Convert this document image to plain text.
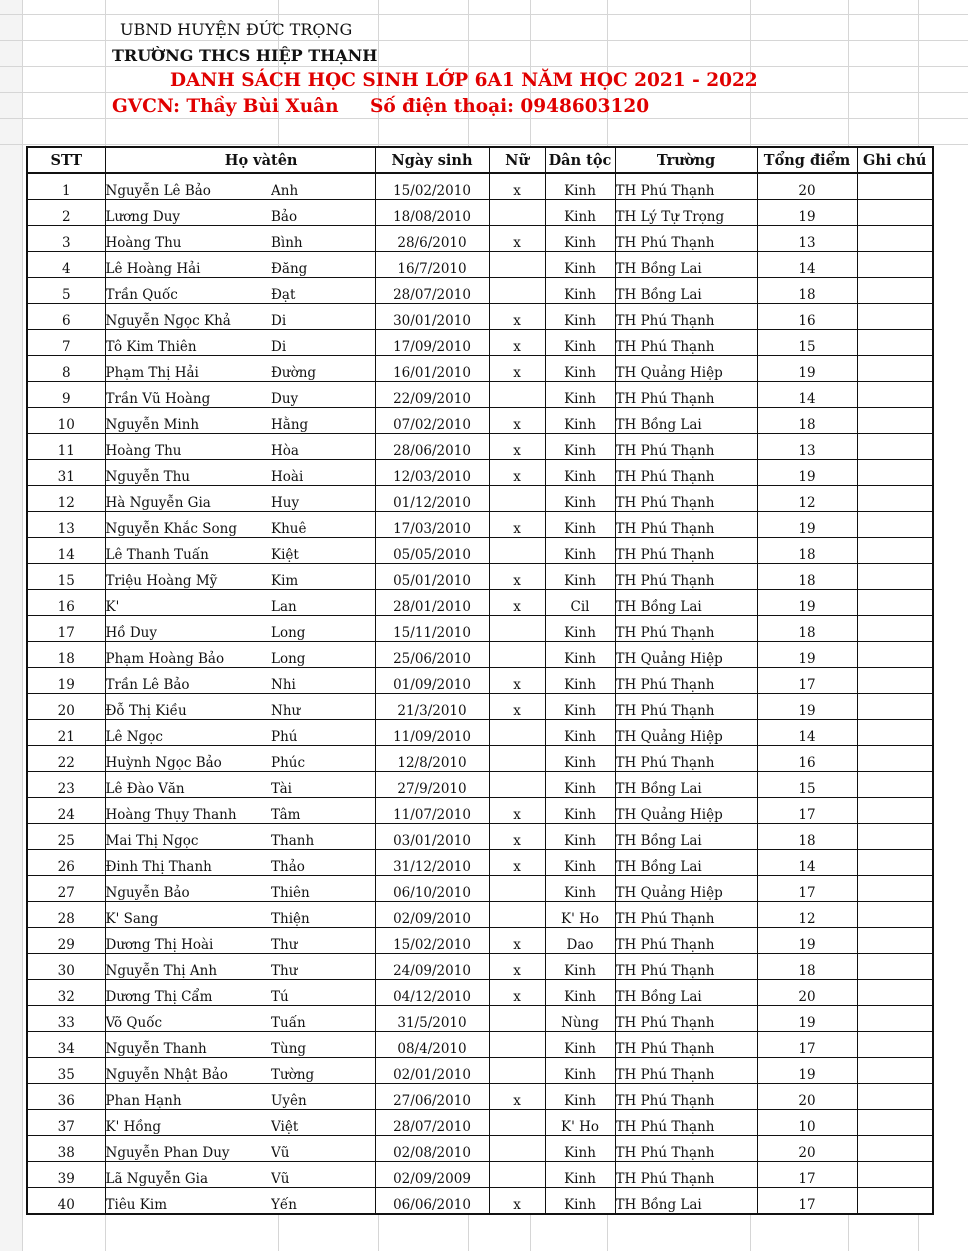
UBND HUYỆN ĐỨC TRỌNG
TRƯỜNG THCS HIỆP THẠNH
DANH SÁCH HỌC SINH LỚP 6A1 NĂM HỌC 2021 - 2022
GVCN: Thầy Bùi Xuân Số điện thoại: 0948603120
STT	Họ và	tên	Ngày sinh	Nữ	Dân tộc	Trường	Tổng điểm	Ghi chú
1	Nguyễn Lê Bảo	Anh	15/02/2010	x	Kinh	TH Phú Thạnh	20	
2	Lương Duy	Bảo	18/08/2010		Kinh	TH Lý Tự Trọng	19	
3	Hoàng Thu	Bình	28/6/2010	x	Kinh	TH Phú Thạnh	13	
4	Lê Hoàng Hải	Đăng	16/7/2010		Kinh	TH Bồng Lai	14	
5	Trần Quốc	Đạt	28/07/2010		Kinh	TH Bồng Lai	18	
6	Nguyễn Ngọc Khả	Di	30/01/2010	x	Kinh	TH Phú Thạnh	16	
7	Tô Kim Thiên	Di	17/09/2010	x	Kinh	TH Phú Thạnh	15	
8	Phạm Thị Hải	Đường	16/01/2010	x	Kinh	TH Quảng Hiệp	19	
9	Trần Vũ Hoàng	Duy	22/09/2010		Kinh	TH Phú Thạnh	14	
10	Nguyễn Minh	Hằng	07/02/2010	x	Kinh	TH Bồng Lai	18	
11	Hoàng Thu	Hòa	28/06/2010	x	Kinh	TH Phú Thạnh	13	
31	Nguyễn Thu	Hoài	12/03/2010	x	Kinh	TH Phú Thạnh	19	
12	Hà Nguyễn Gia	Huy	01/12/2010		Kinh	TH Phú Thạnh	12	
13	Nguyễn Khắc Song	Khuê	17/03/2010	x	Kinh	TH Phú Thạnh	19	
14	Lê Thanh Tuấn	Kiệt	05/05/2010		Kinh	TH Phú Thạnh	18	
15	Triệu Hoàng Mỹ	Kim	05/01/2010	x	Kinh	TH Phú Thạnh	18	
16	K'	Lan	28/01/2010	x	Cil	TH Bồng Lai	19	
17	Hồ Duy	Long	15/11/2010		Kinh	TH Phú Thạnh	18	
18	Phạm Hoàng Bảo	Long	25/06/2010		Kinh	TH Quảng Hiệp	19	
19	Trần Lê Bảo	Nhi	01/09/2010	x	Kinh	TH Phú Thạnh	17	
20	Đỗ Thị Kiều	Như	21/3/2010	x	Kinh	TH Phú Thạnh	19	
21	Lê Ngọc	Phú	11/09/2010		Kinh	TH Quảng Hiệp	14	
22	Huỳnh Ngọc Bảo	Phúc	12/8/2010		Kinh	TH Phú Thạnh	16	
23	Lê Đào Văn	Tài	27/9/2010		Kinh	TH Bồng Lai	15	
24	Hoàng Thụy Thanh	Tâm	11/07/2010	x	Kinh	TH Quảng Hiệp	17	
25	Mai Thị Ngọc	Thanh	03/01/2010	x	Kinh	TH Bồng Lai	18	
26	Đinh Thị Thanh	Thảo	31/12/2010	x	Kinh	TH Bồng Lai	14	
27	Nguyễn Bảo	Thiên	06/10/2010		Kinh	TH Quảng Hiệp	17	
28	K' Sang	Thiện	02/09/2010		K' Ho	TH Phú Thạnh	12	
29	Dương Thị Hoài	Thư	15/02/2010	x	Dao	TH Phú Thạnh	19	
30	Nguyễn Thị Anh	Thư	24/09/2010	x	Kinh	TH Phú Thạnh	18	
32	Dương Thị Cẩm	Tú	04/12/2010	x	Kinh	TH Bồng Lai	20	
33	Võ Quốc	Tuấn	31/5/2010		Nùng	TH Phú Thạnh	19	
34	Nguyễn Thanh	Tùng	08/4/2010		Kinh	TH Phú Thạnh	17	
35	Nguyễn Nhật Bảo	Tường	02/01/2010		Kinh	TH Phú Thạnh	19	
36	Phan Hạnh	Uyên	27/06/2010	x	Kinh	TH Phú Thạnh	20	
37	K' Hồng	Việt	28/07/2010		K' Ho	TH Phú Thạnh	10	
38	Nguyễn Phan Duy	Vũ	02/08/2010		Kinh	TH Phú Thạnh	20	
39	Lã Nguyễn Gia	Vũ	02/09/2009		Kinh	TH Phú Thạnh	17	
40	Tiêu Kim	Yến	06/06/2010	x	Kinh	TH Bồng Lai	17	
